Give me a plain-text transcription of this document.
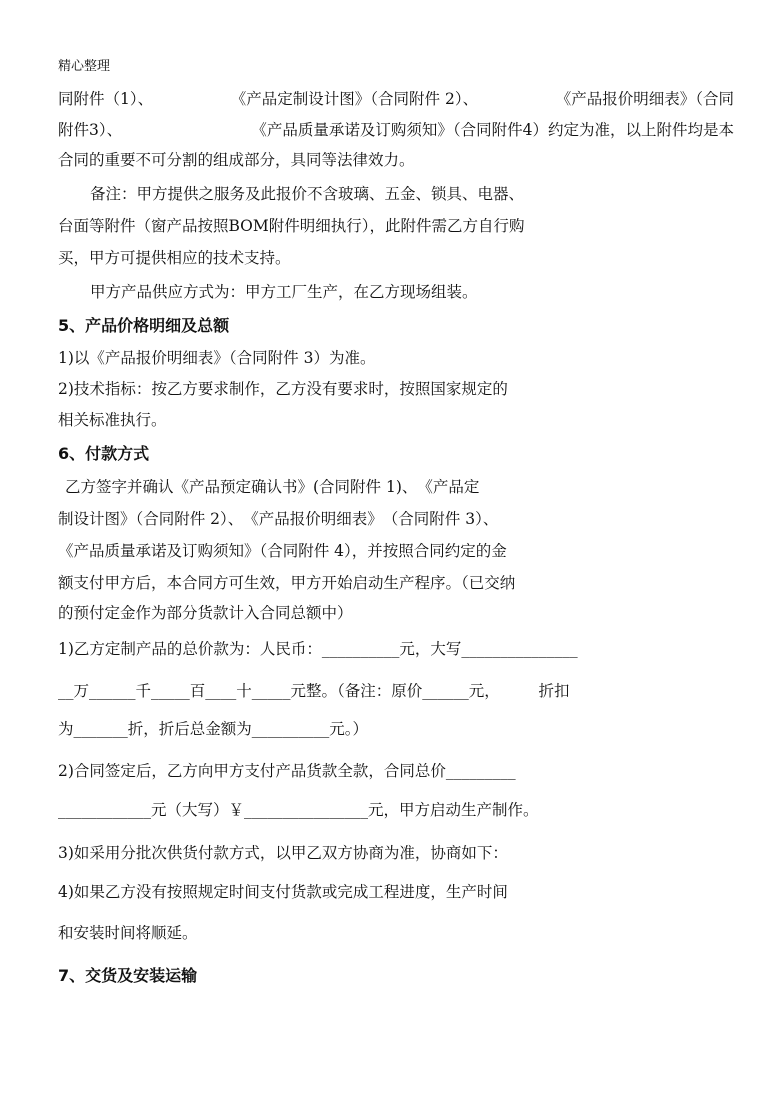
精心整理
同附件（1）、	《产品定制设计图》（合同附件 2）、	《产品报价明细表》（合同
附件3）、	《产品质量承诺及订购须知》（合同附件4）约定为准，以上附件均是本
合同的重要不可分割的组成部分，具同等法律效力。
备注：甲方提供之服务及此报价不含玻璃、五金、锁具、电器、
台面等附件（窗产品按照BOM附件明细执行），此附件需乙方自行购
买，甲方可提供相应的技术支持。
甲方产品供应方式为：甲方工厂生产，在乙方现场组装。
5、产品价格明细及总额
1)以《产品报价明细表》（合同附件 3）为准。
2)技术指标：按乙方要求制作，乙方没有要求时，按照国家规定的
相关标准执行。
6、付款方式
乙方签字并确认《产品预定确认书》(合同附件 1)、　《产品定
制设计图》（合同附件 2）、　《产品报价明细表》　（合同附件 3）、
《产品质量承诺及订购须知》（合同附件 4），并按照合同约定的金
额支付甲方后，本合同方可生效，甲方开始启动生产程序。（已交纳
的预付定金作为部分货款计入合同总额中）
1)乙方定制产品的总价款为：人民币：__________元，大写_______________
__万______千_____百____十_____元整。（备注：原价______元，　　　折扣
为_______折，折后总金额为__________元。）
2)合同签定后，乙方向甲方支付产品货款全款，合同总价_________
____________元（大写）￥________________元，甲方启动生产制作。
3)如采用分批次供货付款方式，以甲乙双方协商为准，协商如下：
4)如果乙方没有按照规定时间支付货款或完成工程进度，生产时间
和安装时间将顺延。
7、交货及安装运输
